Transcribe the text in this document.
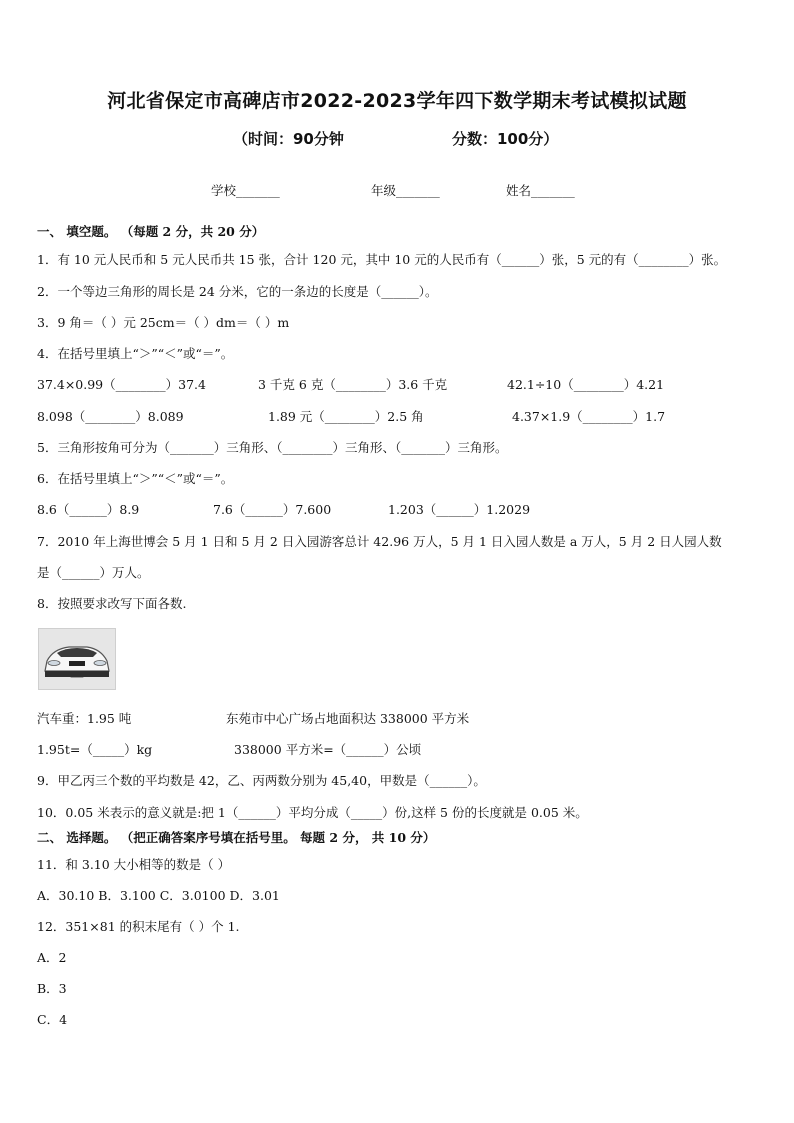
河北省保定市高碑店市2022-2023学年四下数学期末考试模拟试题
（时间：90分钟	分数：100分）
学校_______	年级_______	姓名_______
一、 填空题。 （每题 2 分，共 20 分）
1．有 10 元人民币和 5 元人民币共 15 张，合计 120 元，其中 10 元的人民币有（______）张，5 元的有（________）张。
2．一个等边三角形的周长是 24 分米，它的一条边的长度是（______）。
3．9 角＝（ ）元 25cm＝（ ）dm＝（ ）m
4．在括号里填上“＞”“＜”或“＝”。
37.4×0.99（________）37.4	3 千克 6 克（________）3.6 千克	42.1÷10（________）4.21
8.098（________）8.089	1.89 元（________）2.5 角	4.37×1.9（________）1.7
5．三角形按角可分为（_______）三角形、（________）三角形、（_______）三角形。
6．在括号里填上“＞”“＜”或“＝”。
8.6（______）8.9	7.6（______）7.600	1.203（______）1.2029
7．2010 年上海世博会 5 月 1 日和 5 月 2 日入园游客总计 42.96 万人，5 月 1 日入园人数是 a 万人，5 月 2 日人园人数
是（______）万人。
8．按照要求改写下面各数.
汽车重：1.95 吨	东苑市中心广场占地面积达 338000 平方米
1.95t=（_____）kg	338000 平方米=（______）公顷
9．甲乙丙三个数的平均数是 42，乙、丙两数分别为 45,40，甲数是（______）。
10．0.05 米表示的意义就是:把 1（______）平均分成（_____）份,这样 5 份的长度就是 0.05 米。
二、 选择题。 （把正确答案序号填在括号里。 每题 2 分， 共 10 分）
11．和 3.10 大小相等的数是（ ）
A．30.10 B．3.100 C．3.0100 D．3.01
12．351×81 的积末尾有（ ）个 1.
A．2
B．3
C．4
